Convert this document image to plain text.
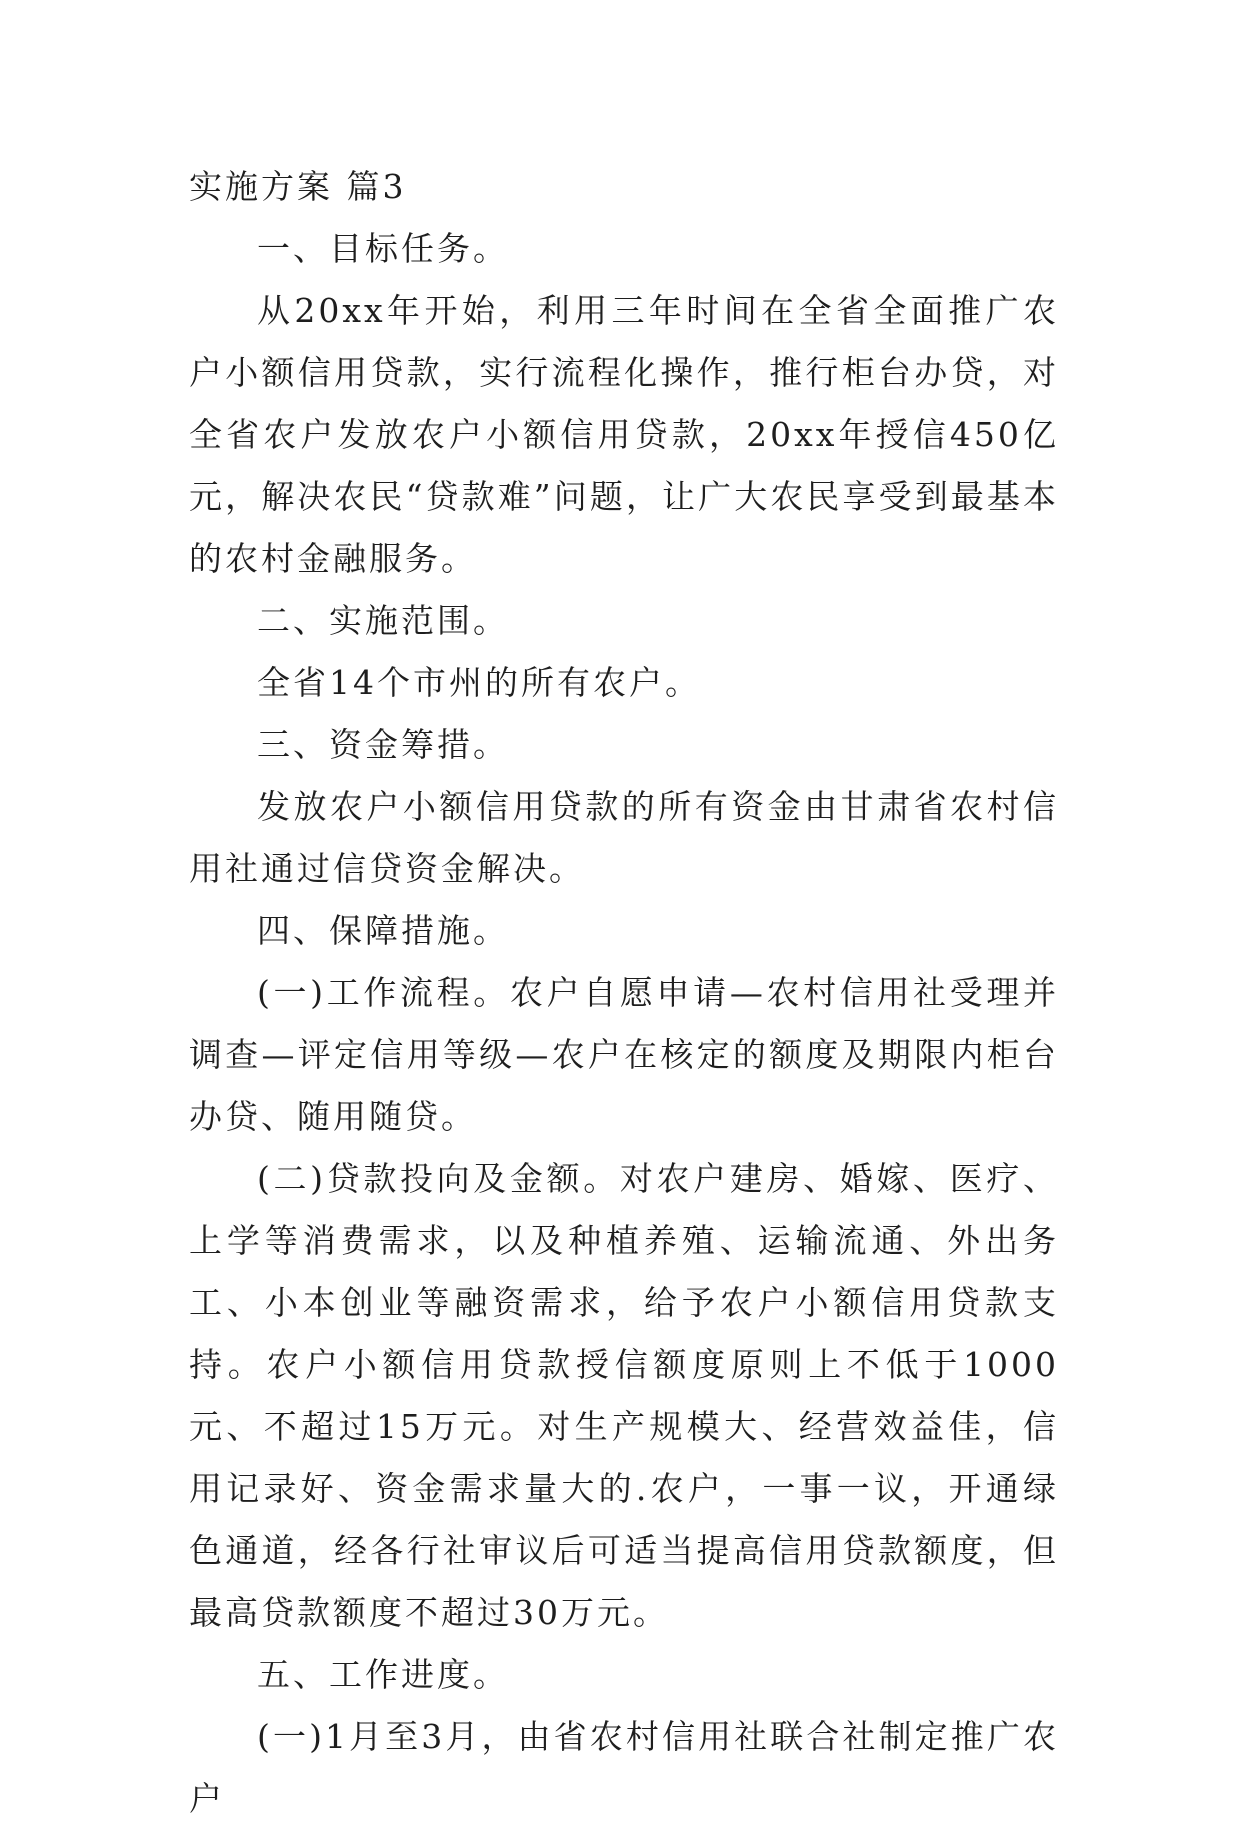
实施方案 篇3

一、目标任务。

从20xx年开始，利用三年时间在全省全面推广农户小额信用贷款，实行流程化操作，推行柜台办贷，对全省农户发放农户小额信用贷款，20xx年授信450亿元，解决农民“贷款难”问题，让广大农民享受到最基本的农村金融服务。

二、实施范围。

全省14个市州的所有农户。

三、资金筹措。

发放农户小额信用贷款的所有资金由甘肃省农村信用社通过信贷资金解决。

四、保障措施。

(一)工作流程。农户自愿申请—农村信用社受理并调查—评定信用等级—农户在核定的额度及期限内柜台办贷、随用随贷。

(二)贷款投向及金额。对农户建房、婚嫁、医疗、上学等消费需求，以及种植养殖、运输流通、外出务工、小本创业等融资需求，给予农户小额信用贷款支持。农户小额信用贷款授信额度原则上不低于1000元、不超过15万元。对生产规模大、经营效益佳，信用记录好、资金需求量大的.农户，一事一议，开通绿色通道，经各行社审议后可适当提高信用贷款额度，但最高贷款额度不超过30万元。

五、工作进度。

(一)1月至3月，由省农村信用社联合社制定推广农户
